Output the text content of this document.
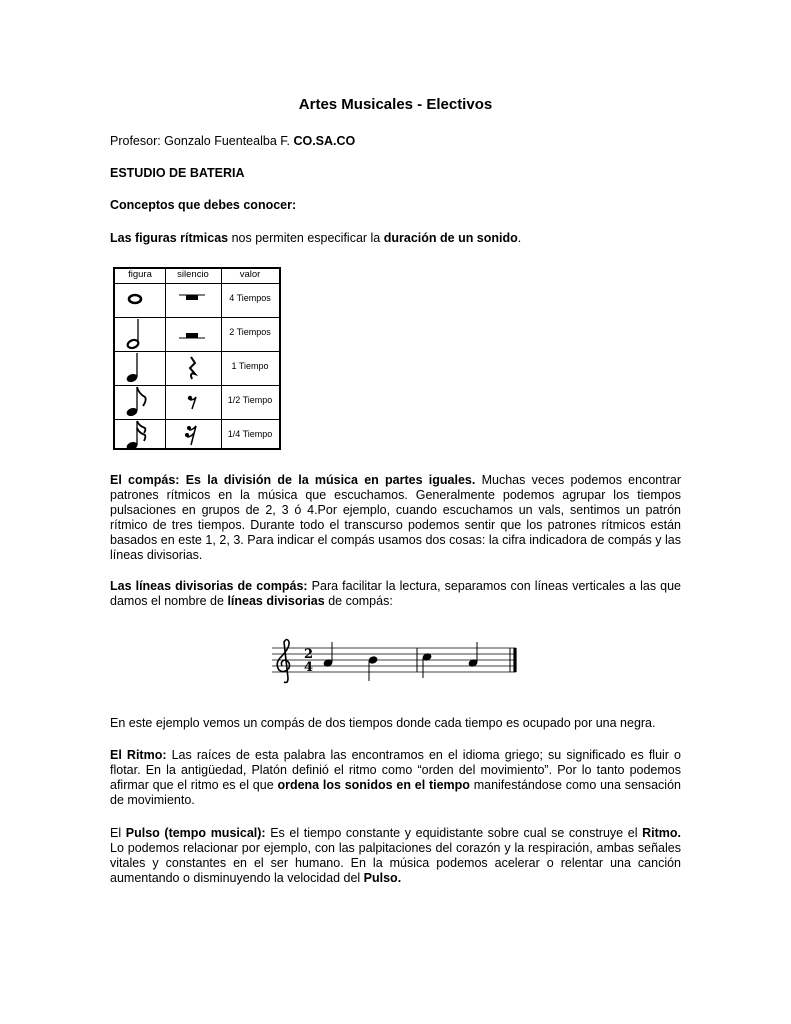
Artes Musicales - Electivos
Profesor: Gonzalo Fuentealba F. CO.SA.CO
ESTUDIO DE BATERIA
Conceptos que debes conocer:
Las figuras rítmicas nos permiten especificar la duración de un sonido.
figura	silencio	valor
4 Tiempos
2 Tiempos
1 Tiempo
1/2 Tiempo
1/4 Tiempo
El compás: Es la división de la música en partes iguales. Muchas veces podemos encontrar patrones rítmicos en la música que escuchamos. Generalmente podemos agrupar los tiempos pulsaciones en grupos de 2, 3 ó 4.Por ejemplo, cuando escuchamos un vals, sentimos un patrón rítmico de tres tiempos. Durante todo el transcurso podemos sentir que los patrones rítmicos están basados en este 1, 2, 3. Para indicar el compás usamos dos cosas: la cifra indicadora de compás y las líneas divisorias.
Las líneas divisorias de compás: Para facilitar la lectura, separamos con líneas verticales a las que damos el nombre de líneas divisorias de compás:
2
4
En este ejemplo vemos un compás de dos tiempos donde cada tiempo es ocupado por una negra.
El Ritmo: Las raíces de esta palabra las encontramos en el idioma griego; su significado es fluir o flotar. En la antigüedad, Platón definió el ritmo como “orden del movimiento”. Por lo tanto podemos afirmar que el ritmo es el que ordena los sonidos en el tiempo manifestándose como una sensación de movimiento.
El Pulso (tempo musical): Es el tiempo constante y equidistante sobre cual se construye el Ritmo. Lo podemos relacionar por ejemplo, con las palpitaciones del corazón y la respiración, ambas señales vitales y constantes en el ser humano. En la música podemos acelerar o relentar una canción aumentando o disminuyendo la velocidad del Pulso.
